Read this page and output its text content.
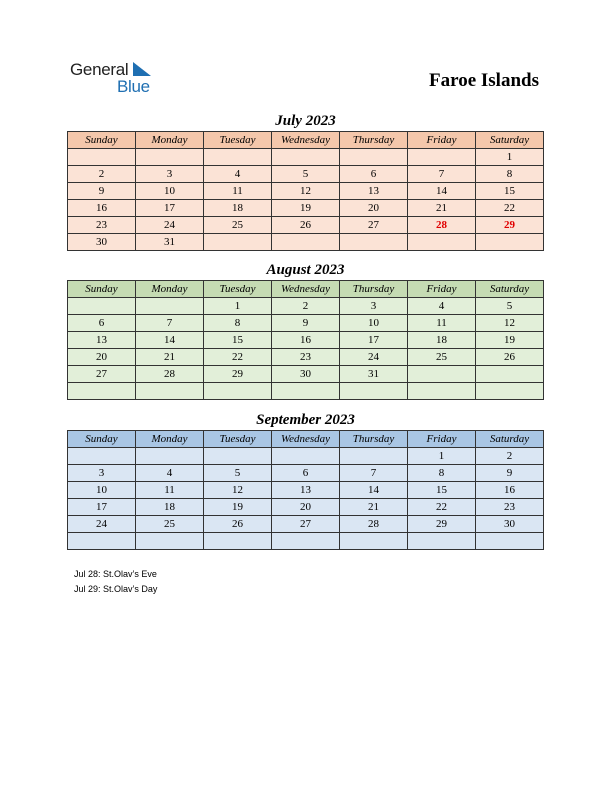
General
Blue	Faroe Islands
July 2023
Sunday	Monday	Tuesday	Wednesday	Thursday	Friday	Saturday
						1
2	3	4	5	6	7	8
9	10	11	12	13	14	15
16	17	18	19	20	21	22
23	24	25	26	27	28	29
30	31					
August 2023
Sunday	Monday	Tuesday	Wednesday	Thursday	Friday	Saturday
		1	2	3	4	5
6	7	8	9	10	11	12
13	14	15	16	17	18	19
20	21	22	23	24	25	26
27	28	29	30	31		

September 2023
Sunday	Monday	Tuesday	Wednesday	Thursday	Friday	Saturday
					1	2
3	4	5	6	7	8	9
10	11	12	13	14	15	16
17	18	19	20	21	22	23
24	25	26	27	28	29	30

Jul 28: St.Olav’s Eve
Jul 29: St.Olav’s Day
